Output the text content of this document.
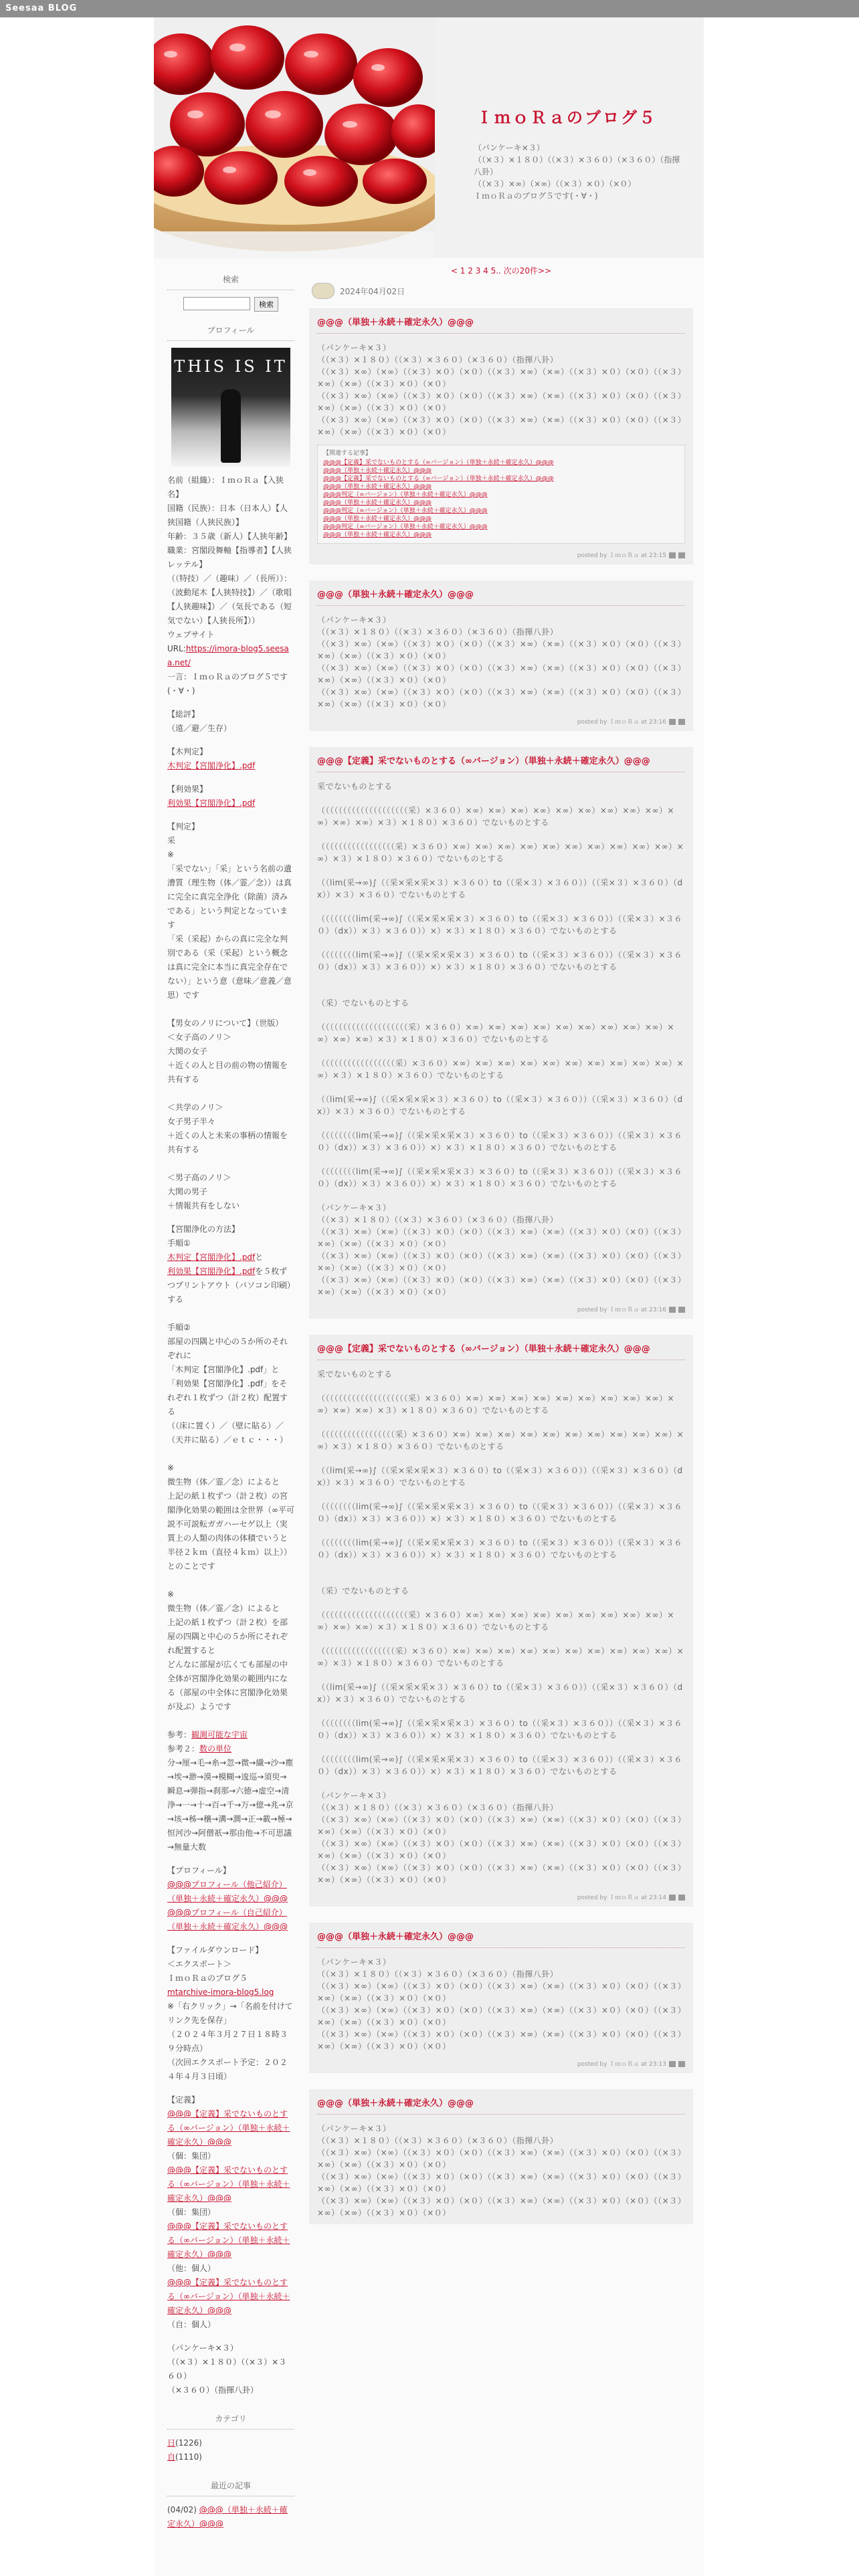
Seesaa BLOG
ＩｍｏＲａのブログ５
（パンケーキ×３）
（（×３）×１８０）（（×３）×３６０）（×３６０）（指揮八卦）
（（×３）×∞）（×∞）（（×３）×０）（×０）
ＩｍｏＲａのブログ５です(・∀・)
検索
検索
プロフィール
THIS IS IT
名前（組織）：ＩｍｏＲａ【入狭名】
国籍（民族）：日本（日本人）【人狭国籍（人狭民族）】
年齢：３５歳（新人）【人狭年齢】
職業：宮閣段舞軸【指導者】【人狭レッテル】
（（特技）／（趣味）／（長所））：（波動尾木【人狭特技】）／（歌唱【人狭趣味】）／（気長である（短気でない）【人狭長所】））
ウェブサイト
URL:https://imora-blog5.seesaa.net/
一言：ＩｍｏＲａのブログ５です(・∀・)
【総評】
（遠／避／生存）
【木判定】
木判定【宮閣浄化】.pdf
【利効果】
利効果【宮閣浄化】.pdf
【判定】
采
※
「采でない」「采」という名前の遺漕質（理生物（体／霊／念））は真に完全に真完全浄化（除菌）済みである」という判定となっています
「采（采起）からの真に完全な判別である（采（采起）という概念は真に完全に本当に真完全存在でない）」という意（意味／意義／意思）です

【男女のノリについて】（世版）
＜女子高のノリ＞
大関の女子
＋近くの人と目の前の物の情報を共有する

＜共学のノリ＞
女子男子半々
＋近くの人と未来の事柄の情報を共有する

＜男子高のノリ＞
大関の男子
＋情報共有をしない
【宮閣浄化の方法】
手順①
木判定【宮閣浄化】.pdfと
利効果【宮閣浄化】.pdfを５枚ずつプリントアウト（パソコン印刷）する

手順②
部屋の四隅と中心の５か所のそれぞれに
「木判定【宮閣浄化】.pdf」と「利効果【宮閣浄化】.pdf」をそれぞれ１枚ずつ（計２枚）配置する
（（床に置く）／（壁に貼る）／（天井に貼る）／ｅｔｃ・・・）

※
微生物（体／霊／念）によると
上記の紙１枚ずつ（計２枚）の宮閣浄化効果の範囲は全世界（∞平可説不可説転ガガハーセゲ以上（実質上の人類の肉体の体積でいうと半径２ｋｍ（直径４ｋｍ）以上））とのことです

※
微生物（体／霊／念）によると
上記の紙１枚ずつ（計２枚）を部屋の四隅と中心の５か所にそれぞれ配置すると
どんなに部屋が広くても部屋の中全体が宮閣浄化効果の範囲内になる（部屋の中全体に宮閣浄化効果が及ぶ）ようです

参考：観測可能な宇宙
参考２：数の単位
分→厘→毛→糸→忽→微→繊→沙→塵→埃→渺→漠→模糊→逡巡→須臾→瞬息→弾指→刹那→六徳→虚空→清浄→一→十→百→千→万→億→兆→京→垓→秭→穣→溝→澗→正→載→極→恒河沙→阿僧祇→那由他→不可思議→無量大数
【プロフィール】
@@@プロフィール（他己紹介）（単独＋永続＋確定永久）@@@
@@@プロフィール（自己紹介）（単独＋永続＋確定永久）@@@
【ファイルダウンロード】
＜エクスポート＞
ＩｍｏＲａのブログ５
mtarchive-imora-blog5.log
※「右クリック」→「名前を付けてリンク先を保存」
（２０２４年３月２７日１８時３９分時点）
（次回エクスポート予定：２０２４年４月３日頃）
【定義】
@@@【定義】采でないものとする（∞バージョン）（単独＋永続＋確定永久）@@@
（個：集団）
@@@【定義】采でないものとする（∞バージョン）（単独＋永続＋確定永久）@@@
（個：集団）
@@@【定義】采でないものとする（∞バージョン）（単独＋永続＋確定永久）@@@
（他：個人）
@@@【定義】采でないものとする（∞バージョン）（単独＋永続＋確定永久）@@@
（自：個人）
（パンケーキ×３）
（（×３）×１８０）（（×３）×３６０）
（×３６０）（指揮八卦）
カテゴリ
日(1226)
自(1110)
最近の記事
(04/02) @@@（単独＋永続＋確定永久）@@@
< 1 2 3 4 5.. 次の20件>>
2024年04月02日
@@@（単独＋永続＋確定永久）@@@
（パンケーキ×３）
（（×３）×１８０）（（×３）×３６０）（×３６０）（指揮八卦）
（（×３）×∞）（×∞）（（×３）×０）（×０）（（×３）×∞）（×∞）（（×３）×０）（×０）（（×３）×∞）（×∞）（（×３）×０）（×０）
（（×３）×∞）（×∞）（（×３）×０）（×０）（（×３）×∞）（×∞）（（×３）×０）（×０）（（×３）×∞）（×∞）（（×３）×０）（×０）
（（×３）×∞）（×∞）（（×３）×０）（×０）（（×３）×∞）（×∞）（（×３）×０）（×０）（（×３）×∞）（×∞）（（×３）×０）（×０）
【関連する記事】
@@@【定義】采でないものとする（∞バージョン）（単独＋永続＋確定永久）@@@
@@@（単独＋永続＋確定永久）@@@
@@@【定義】采でないものとする（∞バージョン）（単独＋永続＋確定永久）@@@
@@@（単独＋永続＋確定永久）@@@
@@@判定（∞バージョン）（単独＋永続＋確定永久）@@@
@@@（単独＋永続＋確定永久）@@@
@@@判定（∞バージョン）（単独＋永続＋確定永久）@@@
@@@（単独＋永続＋確定永久）@@@
@@@判定（∞バージョン）（単独＋永続＋確定永久）@@@
@@@（単独＋永続＋確定永久）@@@
posted by ＩｍｏＲａ at 23:15
@@@（単独＋永続＋確定永久）@@@
（パンケーキ×３）
（（×３）×１８０）（（×３）×３６０）（×３６０）（指揮八卦）
（（×３）×∞）（×∞）（（×３）×０）（×０）（（×３）×∞）（×∞）（（×３）×０）（×０）（（×３）×∞）（×∞）（（×３）×０）（×０）
（（×３）×∞）（×∞）（（×３）×０）（×０）（（×３）×∞）（×∞）（（×３）×０）（×０）（（×３）×∞）（×∞）（（×３）×０）（×０）
（（×３）×∞）（×∞）（（×３）×０）（×０）（（×３）×∞）（×∞）（（×３）×０）（×０）（（×３）×∞）（×∞）（（×３）×０）（×０）
posted by ＩｍｏＲａ at 23:16
@@@【定義】采でないものとする（∞バージョン）（単独＋永続＋確定永久）@@@
采でないものとする

（（（（（（（（（（（（（（（（（（（（采）×３６０）×∞）×∞）×∞）×∞）×∞）×∞）×∞）×∞）×∞）×∞）×∞）×∞）×３）×１８０）×３６０）でないものとする

（（（（（（（（（（（（（（（（（采）×３６０）×∞）×∞）×∞）×∞）×∞）×∞）×∞）×∞）×∞）×∞）×∞）×３）×１８０）×３６０）でないものとする

（（lim(采→∞)∫（（采×采×采×３）×３６０）to（（采×３）×３６０））（（采×３）×３６０）（dx））×３）×３６０）でないものとする

（（（（（（（（lim(采→∞)∫（（采×采×采×３）×３６０）to（（采×３）×３６０））（（采×３）×３６０）（dx））×３）×３６０））×）×３）×１８０）×３６０）でないものとする

（（（（（（（（lim(采→∞)∫（（采×采×采×３）×３６０）to（（采×３）×３６０））（（采×３）×３６０）（dx））×３）×３６０））×）×３）×１８０）×３６０）でないものとする

（采）でないものとする

（（（（（（（（（（（（（（（（（（（（采）×３６０）×∞）×∞）×∞）×∞）×∞）×∞）×∞）×∞）×∞）×∞）×∞）×∞）×３）×１８０）×３６０）でないものとする

（（（（（（（（（（（（（（（（（采）×３６０）×∞）×∞）×∞）×∞）×∞）×∞）×∞）×∞）×∞）×∞）×∞）×３）×１８０）×３６０）でないものとする

（（lim(采→∞)∫（（采×采×采×３）×３６０）to（（采×３）×３６０））（（采×３）×３６０）（dx））×３）×３６０）でないものとする

（（（（（（（（lim(采→∞)∫（（采×采×采×３）×３６０）to（（采×３）×３６０））（（采×３）×３６０）（dx））×３）×３６０））×）×３）×１８０）×３６０）でないものとする

（（（（（（（（lim(采→∞)∫（（采×采×采×３）×３６０）to（（采×３）×３６０））（（采×３）×３６０）（dx））×３）×３６０））×）×３）×１８０）×３６０）でないものとする
（パンケーキ×３）
（（×３）×１８０）（（×３）×３６０）（×３６０）（指揮八卦）
（（×３）×∞）（×∞）（（×３）×０）（×０）（（×３）×∞）（×∞）（（×３）×０）（×０）（（×３）×∞）（×∞）（（×３）×０）（×０）
（（×３）×∞）（×∞）（（×３）×０）（×０）（（×３）×∞）（×∞）（（×３）×０）（×０）（（×３）×∞）（×∞）（（×３）×０）（×０）
（（×３）×∞）（×∞）（（×３）×０）（×０）（（×３）×∞）（×∞）（（×３）×０）（×０）（（×３）×∞）（×∞）（（×３）×０）（×０）
posted by ＩｍｏＲａ at 23:16
@@@【定義】采でないものとする（∞バージョン）（単独＋永続＋確定永久）@@@
采でないものとする

（（（（（（（（（（（（（（（（（（（（采）×３６０）×∞）×∞）×∞）×∞）×∞）×∞）×∞）×∞）×∞）×∞）×∞）×∞）×３）×１８０）×３６０）でないものとする

（（（（（（（（（（（（（（（（（采）×３６０）×∞）×∞）×∞）×∞）×∞）×∞）×∞）×∞）×∞）×∞）×∞）×３）×１８０）×３６０）でないものとする

（（lim(采→∞)∫（（采×采×采×３）×３６０）to（（采×３）×３６０））（（采×３）×３６０）（dx））×３）×３６０）でないものとする

（（（（（（（（lim(采→∞)∫（（采×采×采×３）×３６０）to（（采×３）×３６０））（（采×３）×３６０）（dx））×３）×３６０））×）×３）×１８０）×３６０）でないものとする

（（（（（（（（lim(采→∞)∫（（采×采×采×３）×３６０）to（（采×３）×３６０））（（采×３）×３６０）（dx））×３）×３６０））×）×３）×１８０）×３６０）でないものとする

（采）でないものとする

（（（（（（（（（（（（（（（（（（（（采）×３６０）×∞）×∞）×∞）×∞）×∞）×∞）×∞）×∞）×∞）×∞）×∞）×∞）×３）×１８０）×３６０）でないものとする

（（（（（（（（（（（（（（（（（采）×３６０）×∞）×∞）×∞）×∞）×∞）×∞）×∞）×∞）×∞）×∞）×∞）×３）×１８０）×３６０）でないものとする

（（lim(采→∞)∫（（采×采×采×３）×３６０）to（（采×３）×３６０））（（采×３）×３６０）（dx））×３）×３６０）でないものとする

（（（（（（（（lim(采→∞)∫（（采×采×采×３）×３６０）to（（采×３）×３６０））（（采×３）×３６０）（dx））×３）×３６０））×）×３）×１８０）×３６０）でないものとする

（（（（（（（（lim(采→∞)∫（（采×采×采×３）×３６０）to（（采×３）×３６０））（（采×３）×３６０）（dx））×３）×３６０））×）×３）×１８０）×３６０）でないものとする
（パンケーキ×３）
（（×３）×１８０）（（×３）×３６０）（×３６０）（指揮八卦）
（（×３）×∞）（×∞）（（×３）×０）（×０）（（×３）×∞）（×∞）（（×３）×０）（×０）（（×３）×∞）（×∞）（（×３）×０）（×０）
（（×３）×∞）（×∞）（（×３）×０）（×０）（（×３）×∞）（×∞）（（×３）×０）（×０）（（×３）×∞）（×∞）（（×３）×０）（×０）
（（×３）×∞）（×∞）（（×３）×０）（×０）（（×３）×∞）（×∞）（（×３）×０）（×０）（（×３）×∞）（×∞）（（×３）×０）（×０）
posted by ＩｍｏＲａ at 23:14
@@@（単独＋永続＋確定永久）@@@
（パンケーキ×３）
（（×３）×１８０）（（×３）×３６０）（×３６０）（指揮八卦）
（（×３）×∞）（×∞）（（×３）×０）（×０）（（×３）×∞）（×∞）（（×３）×０）（×０）（（×３）×∞）（×∞）（（×３）×０）（×０）
（（×３）×∞）（×∞）（（×３）×０）（×０）（（×３）×∞）（×∞）（（×３）×０）（×０）（（×３）×∞）（×∞）（（×３）×０）（×０）
（（×３）×∞）（×∞）（（×３）×０）（×０）（（×３）×∞）（×∞）（（×３）×０）（×０）（（×３）×∞）（×∞）（（×３）×０）（×０）
posted by ＩｍｏＲａ at 23:13
@@@（単独＋永続＋確定永久）@@@
（パンケーキ×３）
（（×３）×１８０）（（×３）×３６０）（×３６０）（指揮八卦）
（（×３）×∞）（×∞）（（×３）×０）（×０）（（×３）×∞）（×∞）（（×３）×０）（×０）（（×３）×∞）（×∞）（（×３）×０）（×０）
（（×３）×∞）（×∞）（（×３）×０）（×０）（（×３）×∞）（×∞）（（×３）×０）（×０）（（×３）×∞）（×∞）（（×３）×０）（×０）
（（×３）×∞）（×∞）（（×３）×０）（×０）（（×３）×∞）（×∞）（（×３）×０）（×０）（（×３）×∞）（×∞）（（×３）×０）（×０）
